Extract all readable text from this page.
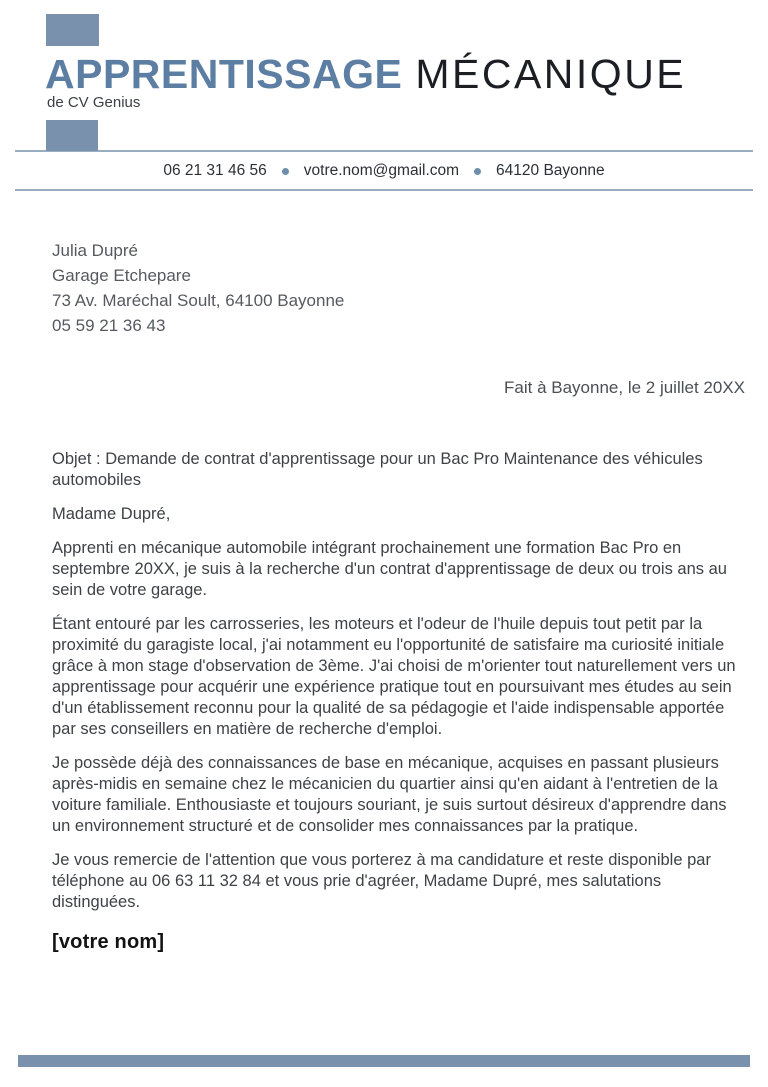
APPRENTISSAGE MÉCANIQUE
de CV Genius
06 21 31 46 56 votre.nom@gmail.com 64120 Bayonne
Julia Dupré
Garage Etchepare
73 Av. Maréchal Soult, 64100 Bayonne
05 59 21 36 43
Fait à Bayonne, le 2 juillet 20XX

Objet : Demande de contrat d'apprentissage pour un Bac Pro Maintenance des véhicules automobiles

Madame Dupré,

Apprenti en mécanique automobile intégrant prochainement une formation Bac Pro en septembre 20XX, je suis à la recherche d'un contrat d'apprentissage de deux ou trois ans au sein de votre garage.

Étant entouré par les carrosseries, les moteurs et l'odeur de l'huile depuis tout petit par la proximité du garagiste local, j'ai notamment eu l'opportunité de satisfaire ma curiosité initiale grâce à mon stage d'observation de 3ème. J'ai choisi de m'orienter tout naturellement vers un apprentissage pour acquérir une expérience pratique tout en poursuivant mes études au sein d'un établissement reconnu pour la qualité de sa pédagogie et l'aide indispensable apportée par ses conseillers en matière de recherche d'emploi.

Je possède déjà des connaissances de base en mécanique, acquises en passant plusieurs après-midis en semaine chez le mécanicien du quartier ainsi qu'en aidant à l'entretien de la voiture familiale. Enthousiaste et toujours souriant, je suis surtout désireux d'apprendre dans un environnement structuré et de consolider mes connaissances par la pratique.

Je vous remercie de l'attention que vous porterez à ma candidature et reste disponible par téléphone au 06 63 11 32 84 et vous prie d'agréer, Madame Dupré, mes salutations distinguées.

[votre nom]
